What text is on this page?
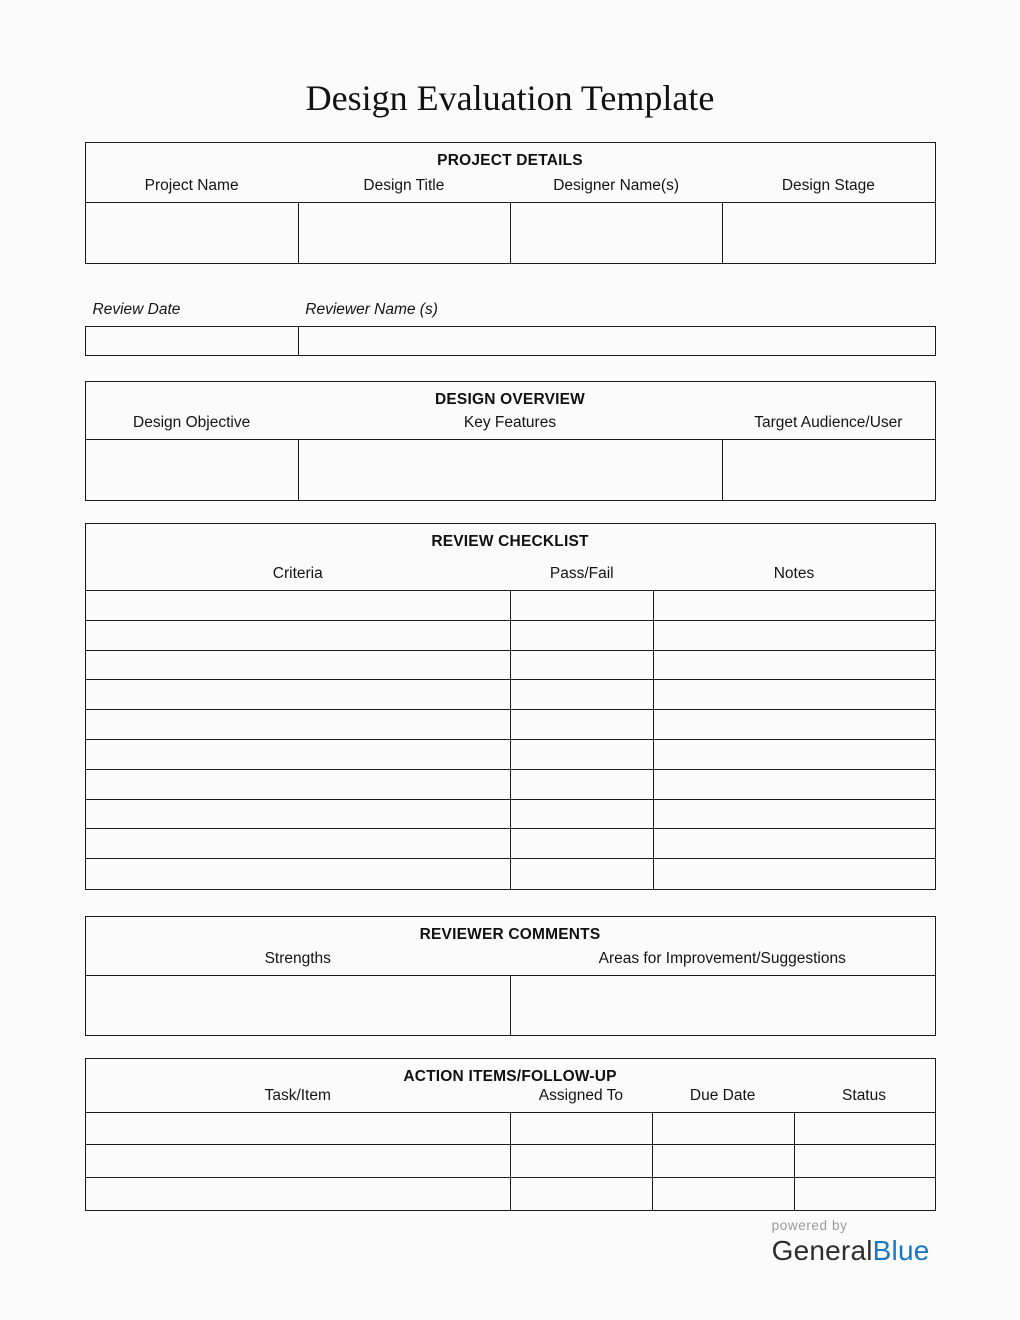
Design Evaluation Template
PROJECT DETAILS
Project Name	Design Title	Designer Name(s)	Design Stage
Review Date	Reviewer Name (s)
DESIGN OVERVIEW
Design Objective	Key Features	Target Audience/User
REVIEW CHECKLIST
Criteria	Pass/Fail	Notes
REVIEWER COMMENTS
Strengths	Areas for Improvement/Suggestions
ACTION ITEMS/FOLLOW-UP
Task/Item	Assigned To	Due Date	Status
powered by
GeneralBlue
